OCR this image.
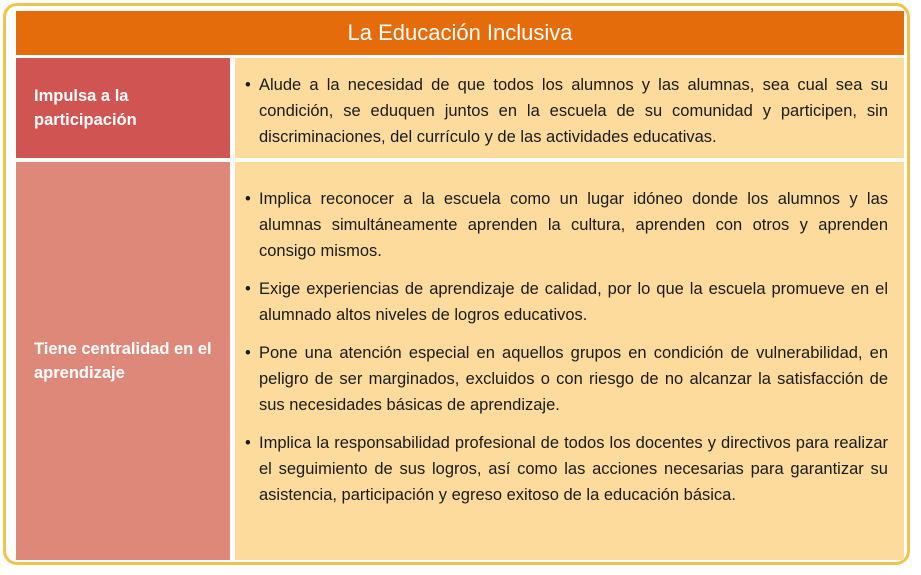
La Educación Inclusiva
Impulsa a la participación
• Alude a la necesidad de que todos los alumnos y las alumnas, sea cual sea su condición, se eduquen juntos en la escuela de su comunidad y participen, sin discriminaciones, del currículo y de las actividades educativas.
Tiene centralidad en el aprendizaje
• Implica reconocer a la escuela como un lugar idóneo donde los alumnos y las alumnas simultáneamente aprenden la cultura, aprenden con otros y aprenden consigo mismos.
• Exige experiencias de aprendizaje de calidad, por lo que la escuela promueve en el alumnado altos niveles de logros educativos.
• Pone una atención especial en aquellos grupos en condición de vulnerabilidad, en peligro de ser marginados, excluidos o con riesgo de no alcanzar la satisfacción de sus necesidades básicas de aprendizaje.
• Implica la responsabilidad profesional de todos los docentes y directivos para realizar el seguimiento de sus logros, así como las acciones necesarias para garantizar su asistencia, participación y egreso exitoso de la educación básica.
